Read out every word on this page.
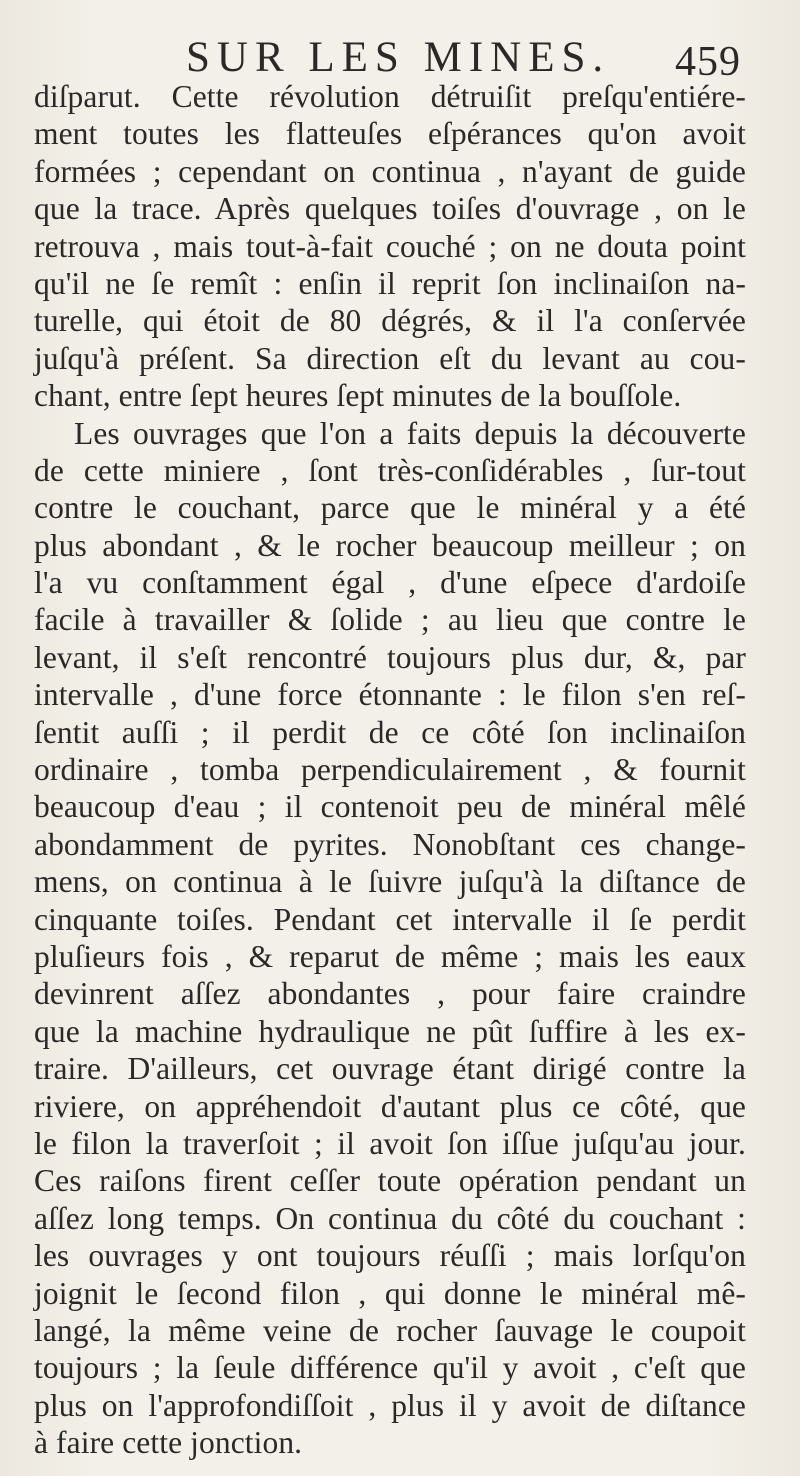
SUR LES MINES. 459
diſparut. Cette révolution détruiſit preſqu'entiére-
ment toutes les flatteuſes eſpérances qu'on avoit
formées ; cependant on continua , n'ayant de guide
que la trace. Après quelques toiſes d'ouvrage , on le
retrouva , mais tout-à-fait couché ; on ne douta point
qu'il ne ſe remît : enſin il reprit ſon inclinaiſon na-
turelle, qui étoit de 80 dégrés, & il l'a conſervée
juſqu'à préſent. Sa direction eſt du levant au cou-
chant, entre ſept heures ſept minutes de la bouſſole.
Les ouvrages que l'on a faits depuis la découverte
de cette miniere , ſont très-conſidérables , ſur-tout
contre le couchant, parce que le minéral y a été
plus abondant , & le rocher beaucoup meilleur ; on
l'a vu conſtamment égal , d'une eſpece d'ardoiſe
facile à travailler & ſolide ; au lieu que contre le
levant, il s'eſt rencontré toujours plus dur, &, par
intervalle , d'une force étonnante : le filon s'en reſ-
ſentit auſſi ; il perdit de ce côté ſon inclinaiſon
ordinaire , tomba perpendiculairement , & fournit
beaucoup d'eau ; il contenoit peu de minéral mêlé
abondamment de pyrites. Nonobſtant ces change-
mens, on continua à le ſuivre juſqu'à la diſtance de
cinquante toiſes. Pendant cet intervalle il ſe perdit
pluſieurs fois , & reparut de même ; mais les eaux
devinrent aſſez abondantes , pour faire craindre
que la machine hydraulique ne pût ſuffire à les ex-
traire. D'ailleurs, cet ouvrage étant dirigé contre la
riviere, on appréhendoit d'autant plus ce côté, que
le filon la traverſoit ; il avoit ſon iſſue juſqu'au jour.
Ces raiſons firent ceſſer toute opération pendant un
aſſez long temps. On continua du côté du couchant :
les ouvrages y ont toujours réuſſi ; mais lorſqu'on
joignit le ſecond filon , qui donne le minéral mê-
langé, la même veine de rocher ſauvage le coupoit
toujours ; la ſeule différence qu'il y avoit , c'eſt que
plus on l'approfondiſſoit , plus il y avoit de diſtance
à faire cette jonction.
